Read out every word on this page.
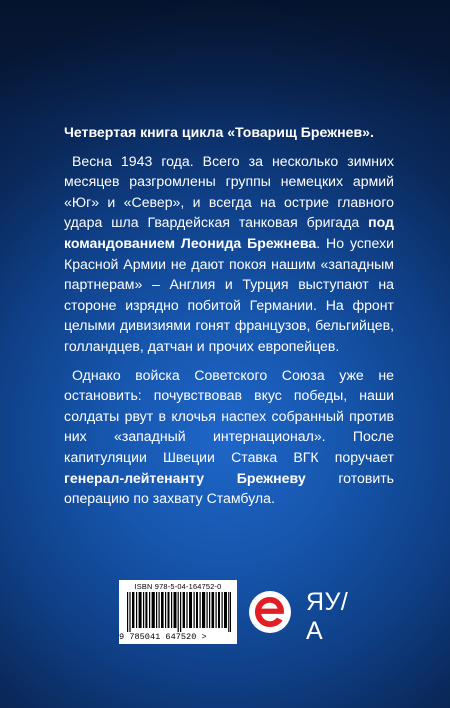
Четвертая книга цикла «Товарищ Брежнев».

Весна 1943 года. Всего за несколько зимних месяцев разгромлены группы немецких армий «Юг» и «Север», и всегда на острие главного удара шла Гвардейская танковая бригада под командованием Леонида Брежнева. Но успехи Красной Армии не дают покоя нашим «западным партнерам» – Англия и Турция выступают на стороне изрядно побитой Германии. На фронт целыми дивизиями гонят французов, бельгийцев, голландцев, датчан и прочих европейцев.

Однако войска Советского Союза уже не остановить: почувствовав вкус победы, наши солдаты рвут в клочья наспех собранный против них «западный интернационал». После капитуляции Швеции Ставка ВГК поручает генерал-лейтенанту Брежневу готовить операцию по захвату Стамбула.

ISBN 978-5-04-164752-0
9 785041 647520 >
ЯУ/А
